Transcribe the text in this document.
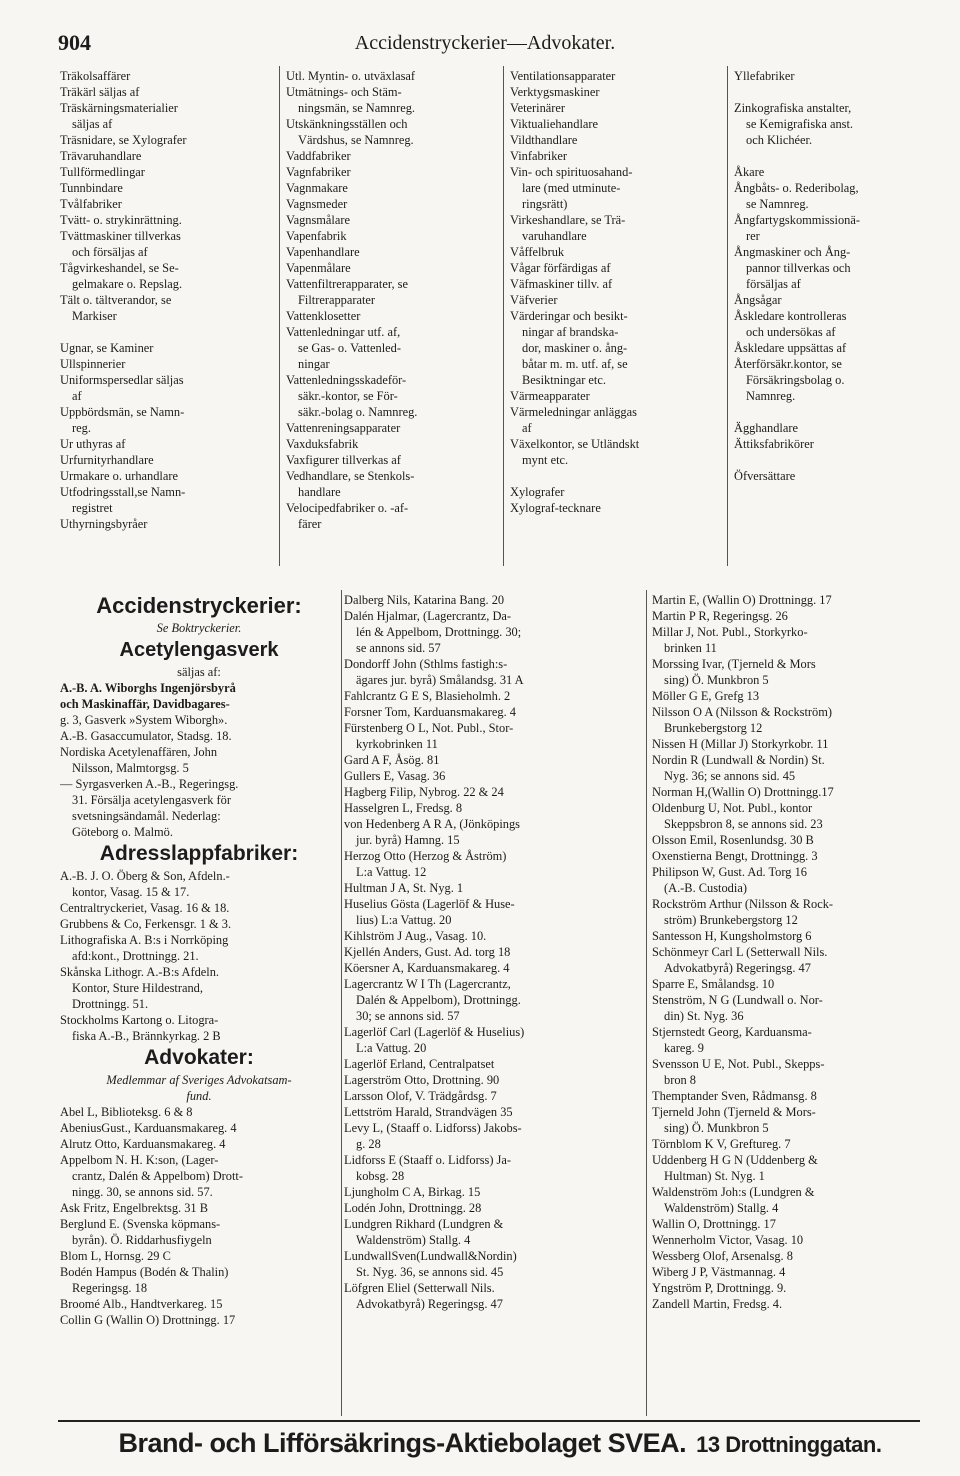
904	Accidenstryckerier—Advokater.
Träkolsaffärer
Träkärl säljas af
Träskärningsmaterialier
säljas af
Träsnidare, se Xylografer
Trävaruhandlare
Tullförmedlingar
Tunnbindare
Tvålfabriker
Tvätt- o. strykinrättning.
Tvättmaskiner tillverkas
och försäljas af
Tågvirkeshandel, se Se-
gelmakare o. Repslag.
Tält o. tältverandor, se
Markiser

Ugnar, se Kaminer
Ullspinnerier
Uniformspersedlar säljas
af
Uppbördsmän, se Namn-
reg.
Ur uthyras af
Urfurnityrhandlare
Urmakare o. urhandlare
Utfodringsstall,se Namn-
registret
Uthyrningsbyråer
Utl. Myntin- o. utväxlasaf
Utmätnings- och Stäm-
ningsmän, se Namnreg.
Utskänkningsställen och
Värdshus, se Namnreg.
Vaddfabriker
Vagnfabriker
Vagnmakare
Vagnsmeder
Vagnsmålare
Vapenfabrik
Vapenhandlare
Vapenmålare
Vattenfiltrerapparater, se
Filtrerapparater
Vattenklosetter
Vattenledningar utf. af,
se Gas- o. Vattenled-
ningar
Vattenledningsskadeför-
säkr.-kontor, se För-
säkr.-bolag o. Namnreg.
Vattenreningsapparater
Vaxduksfabrik
Vaxfigurer tillverkas af
Vedhandlare, se Stenkols-
handlare
Velocipedfabriker o. -af-
färer
Ventilationsapparater
Verktygsmaskiner
Veterinärer
Viktualiehandlare
Vildthandlare
Vinfabriker
Vin- och spirituosahand-
lare (med utminute-
ringsrätt)
Virkeshandlare, se Trä-
varuhandlare
Våffelbruk
Vågar förfärdigas af
Väfmaskiner tillv. af
Väfverier
Värderingar och besikt-
ningar af brandska-
dor, maskiner o. ång-
båtar m. m. utf. af, se
Besiktningar etc.
Värmeapparater
Värmeledningar anläggas
af
Växelkontor, se Utländskt
mynt etc.

Xylografer
Xylograf-tecknare
Yllefabriker

Zinkografiska anstalter,
se Kemigrafiska anst.
och Klichéer.

Åkare
Ångbåts- o. Rederibolag,
se Namnreg.
Ångfartygskommissionä-
rer
Ångmaskiner och Ång-
pannor tillverkas och
försäljas af
Ångsågar
Åskledare kontrolleras
och undersökas af
Åskledare uppsättas af
Återförsäkr.kontor, se
Försäkringsbolag o.
Namnreg.

Ägghandlare
Ättiksfabrikörer

Öfversättare
Accidenstryckerier:
Se Boktryckerier.
Acetylengasverk
säljas af:
A.-B. A. Wiborghs Ingenjörsbyrå
och Maskinaffär, Davidbagares-
g. 3, Gasverk »System Wiborgh».
A.-B. Gasaccumulator, Stadsg. 18.
Nordiska Acetylenaffären, John
Nilsson, Malmtorgsg. 5
— Syrgasverken A.-B., Regeringsg.
31. Försälja acetylengasverk för
svetsningsändamål. Nederlag:
Göteborg o. Malmö.
Adresslappfabriker:
A.-B. J. O. Öberg & Son, Afdeln.-
kontor, Vasag. 15 & 17.
Centraltryckeriet, Vasag. 16 & 18.
Grubbens & Co, Ferkensgr. 1 & 3.
Lithografiska A. B:s i Norrköping
afd:kont., Drottningg. 21.
Skånska Lithogr. A.-B:s Afdeln.
Kontor, Sture Hildestrand,
Drottningg. 51.
Stockholms Kartong o. Litogra-
fiska A.-B., Brännkyrkag. 2 B
Advokater:
Medlemmar af Sveriges Advokatsam-
fund.
Abel L, Biblioteksg. 6 & 8
AbeniusGust., Karduansmakareg. 4
Alrutz Otto, Karduansmakareg. 4
Appelbom N. H. K:son, (Lager-
crantz, Dalén & Appelbom) Drott-
ningg. 30, se annons sid. 57.
Ask Fritz, Engelbrektsg. 31 B
Berglund E. (Svenska köpmans-
byrån). Ö. Riddarhusfiygeln
Blom L, Hornsg. 29 C
Bodén Hampus (Bodén & Thalin)
Regeringsg. 18
Broomé Alb., Handtverkareg. 15
Collin G (Wallin O) Drottningg. 17
Dalberg Nils, Katarina Bang. 20
Dalén Hjalmar, (Lagercrantz, Da-
lén & Appelbom, Drottningg. 30;
se annons sid. 57
Dondorff John (Sthlms fastigh:s-
ägares jur. byrå) Smålandsg. 31 A
Fahlcrantz G E S, Blasieholmh. 2
Forsner Tom, Karduansmakareg. 4
Fürstenberg O L, Not. Publ., Stor-
kyrkobrinken 11
Gard A F, Åsög. 81
Gullers E, Vasag. 36
Hagberg Filip, Nybrog. 22 & 24
Hasselgren L, Fredsg. 8
von Hedenberg A R A, (Jönköpings
jur. byrå) Hamng. 15
Herzog Otto (Herzog & Åström)
L:a Vattug. 12
Hultman J A, St. Nyg. 1
Huselius Gösta (Lagerlöf & Huse-
lius) L:a Vattug. 20
Kihlström J Aug., Vasag. 10.
Kjellén Anders, Gust. Ad. torg 18
Köersner A, Karduansmakareg. 4
Lagercrantz W I Th (Lagercrantz,
Dalén & Appelbom), Drottningg.
30; se annons sid. 57
Lagerlöf Carl (Lagerlöf & Huselius)
L:a Vattug. 20
Lagerlöf Erland, Centralpatset
Lagerström Otto, Drottning. 90
Larsson Olof, V. Trädgårdsg. 7
Lettström Harald, Strandvägen 35
Levy L, (Staaff o. Lidforss) Jakobs-
g. 28
Lidforss E (Staaff o. Lidforss) Ja-
kobsg. 28
Ljungholm C A, Birkag. 15
Lodén John, Drottningg. 28
Lundgren Rikhard (Lundgren &
Waldenström) Stallg. 4
LundwallSven(Lundwall&Nordin)
St. Nyg. 36, se annons sid. 45
Löfgren Eliel (Setterwall Nils.
Advokatbyrå) Regeringsg. 47
Martin E, (Wallin O) Drottningg. 17
Martin P R, Regeringsg. 26
Millar J, Not. Publ., Storkyrko-
brinken 11
Morssing Ivar, (Tjerneld & Mors
sing) Ö. Munkbron 5
Möller G E, Grefg 13
Nilsson O A (Nilsson & Rockström)
Brunkebergstorg 12
Nissen H (Millar J) Storkyrkobr. 11
Nordin R (Lundwall & Nordin) St.
Nyg. 36; se annons sid. 45
Norman H,(Wallin O) Drottningg.17
Oldenburg U, Not. Publ., kontor
Skeppsbron 8, se annons sid. 23
Olsson Emil, Rosenlundsg. 30 B
Oxenstierna Bengt, Drottningg. 3
Philipson W, Gust. Ad. Torg 16
(A.-B. Custodia)
Rockström Arthur (Nilsson & Rock-
ström) Brunkebergstorg 12
Santesson H, Kungsholmstorg 6
Schönmeyr Carl L (Setterwall Nils.
Advokatbyrå) Regeringsg. 47
Sparre E, Smålandsg. 10
Stenström, N G (Lundwall o. Nor-
din) St. Nyg. 36
Stjernstedt Georg, Karduansma-
kareg. 9
Svensson U E, Not. Publ., Skepps-
bron 8
Themptander Sven, Rådmansg. 8
Tjerneld John (Tjerneld & Mors-
sing) Ö. Munkbron 5
Törnblom K V, Greftureg. 7
Uddenberg H G N (Uddenberg &
Hultman) St. Nyg. 1
Waldenström Joh:s (Lundgren &
Waldenström) Stallg. 4
Wallin O, Drottningg. 17
Wennerholm Victor, Vasag. 10
Wessberg Olof, Arsenalsg. 8
Wiberg J P, Västmannag. 4
Yngström P, Drottningg. 9.
Zandell Martin, Fredsg. 4.
Brand- och Lifförsäkrings-Aktiebolaget SVEA. 13 Drottninggatan.
